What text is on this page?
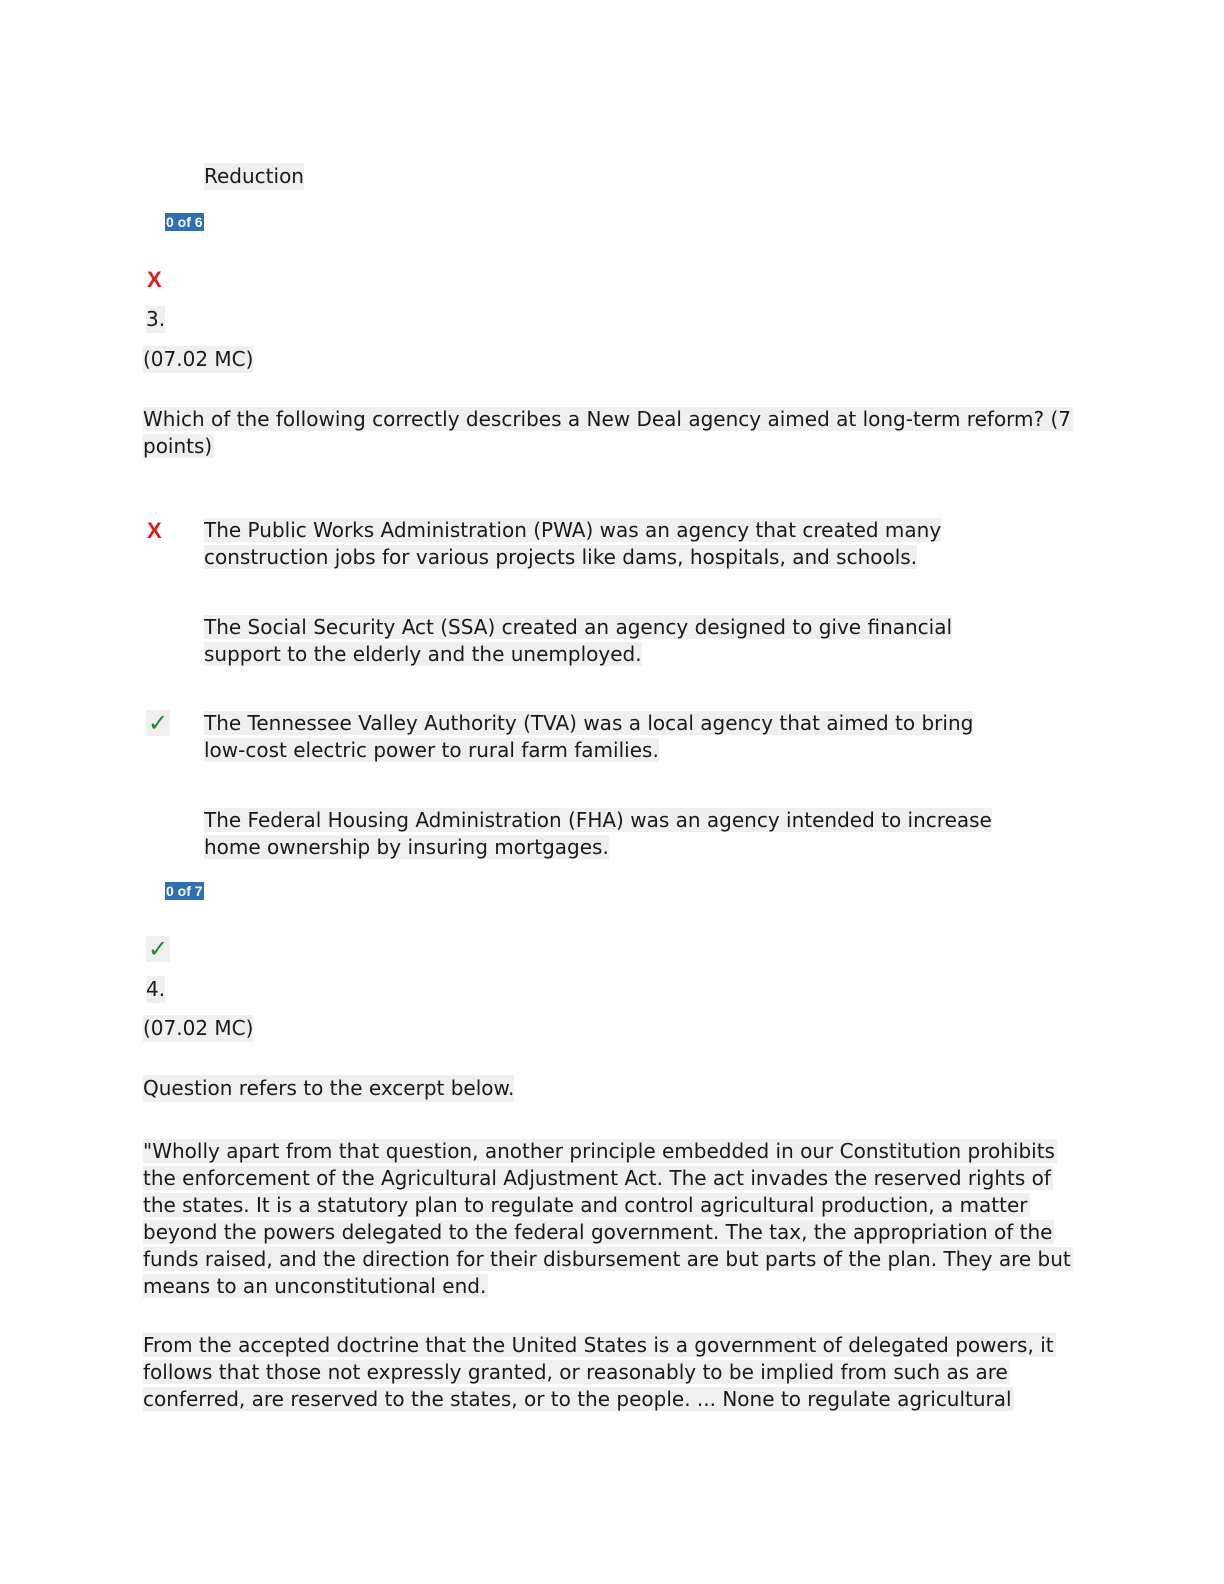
Reduction
0 of 6
X
3.
(07.02 MC)
Which of the following correctly describes a New Deal agency aimed at long-term reform? (7
points)
X The Public Works Administration (PWA) was an agency that created many
construction jobs for various projects like dams, hospitals, and schools.
The Social Security Act (SSA) created an agency designed to give financial
support to the elderly and the unemployed.
✓ The Tennessee Valley Authority (TVA) was a local agency that aimed to bring
low-cost electric power to rural farm families.
The Federal Housing Administration (FHA) was an agency intended to increase
home ownership by insuring mortgages.
0 of 7
✓
4.
(07.02 MC)
Question refers to the excerpt below.
"Wholly apart from that question, another principle embedded in our Constitution prohibits
the enforcement of the Agricultural Adjustment Act. The act invades the reserved rights of
the states. It is a statutory plan to regulate and control agricultural production, a matter
beyond the powers delegated to the federal government. The tax, the appropriation of the
funds raised, and the direction for their disbursement are but parts of the plan. They are but
means to an unconstitutional end.
From the accepted doctrine that the United States is a government of delegated powers, it
follows that those not expressly granted, or reasonably to be implied from such as are
conferred, are reserved to the states, or to the people. ... None to regulate agricultural
